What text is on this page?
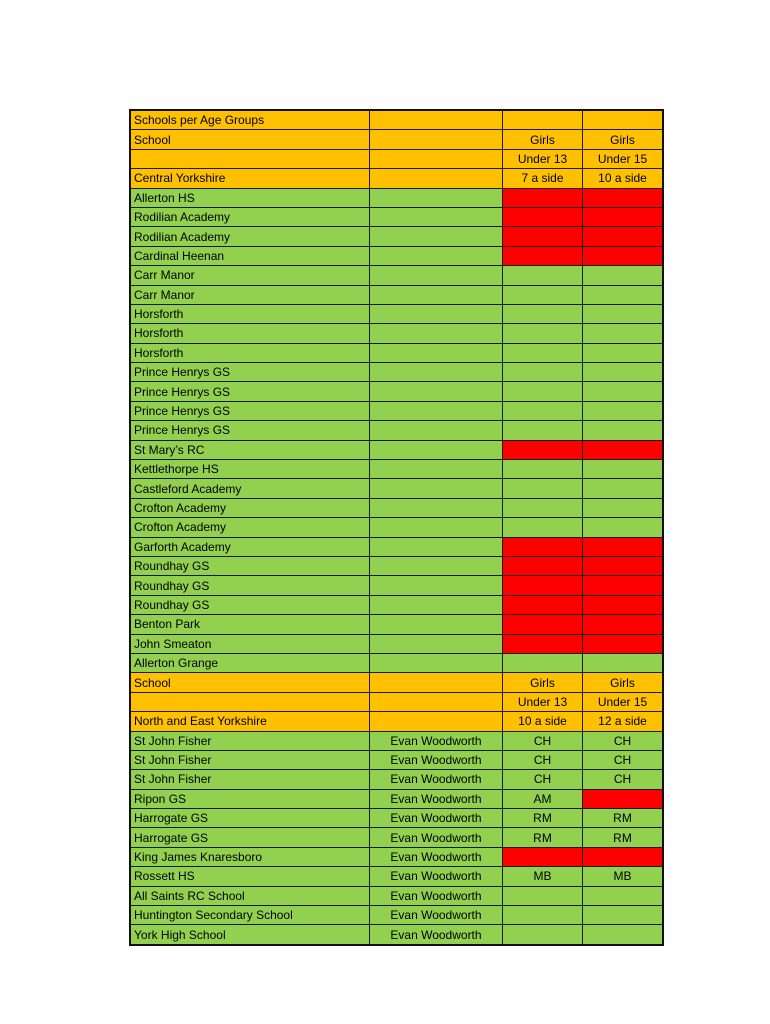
Schools per Age Groups			
School		Girls	Girls
		Under 13	Under 15
Central Yorkshire		7 a side	10 a side
Allerton HS			
Rodilian Academy			
Rodilian Academy			
Cardinal Heenan			
Carr Manor			
Carr Manor			
Horsforth			
Horsforth			
Horsforth			
Prince Henrys GS			
Prince Henrys GS			
Prince Henrys GS			
Prince Henrys GS			
St Mary’s RC			
Kettlethorpe HS			
Castleford Academy			
Crofton Academy			
Crofton Academy			
Garforth Academy			
Roundhay GS			
Roundhay GS			
Roundhay GS			
Benton Park			
John Smeaton			
Allerton Grange			
School		Girls	Girls
		Under 13	Under 15
North and East Yorkshire		10 a side	12 a side
St John Fisher	Evan Woodworth	CH	CH
St John Fisher	Evan Woodworth	CH	CH
St John Fisher	Evan Woodworth	CH	CH
Ripon GS	Evan Woodworth	AM	
Harrogate GS	Evan Woodworth	RM	RM
Harrogate GS	Evan Woodworth	RM	RM
King James Knaresboro	Evan Woodworth		
Rossett HS	Evan Woodworth	MB	MB
All Saints RC School	Evan Woodworth		
Huntington Secondary School	Evan Woodworth		
York High School	Evan Woodworth		
